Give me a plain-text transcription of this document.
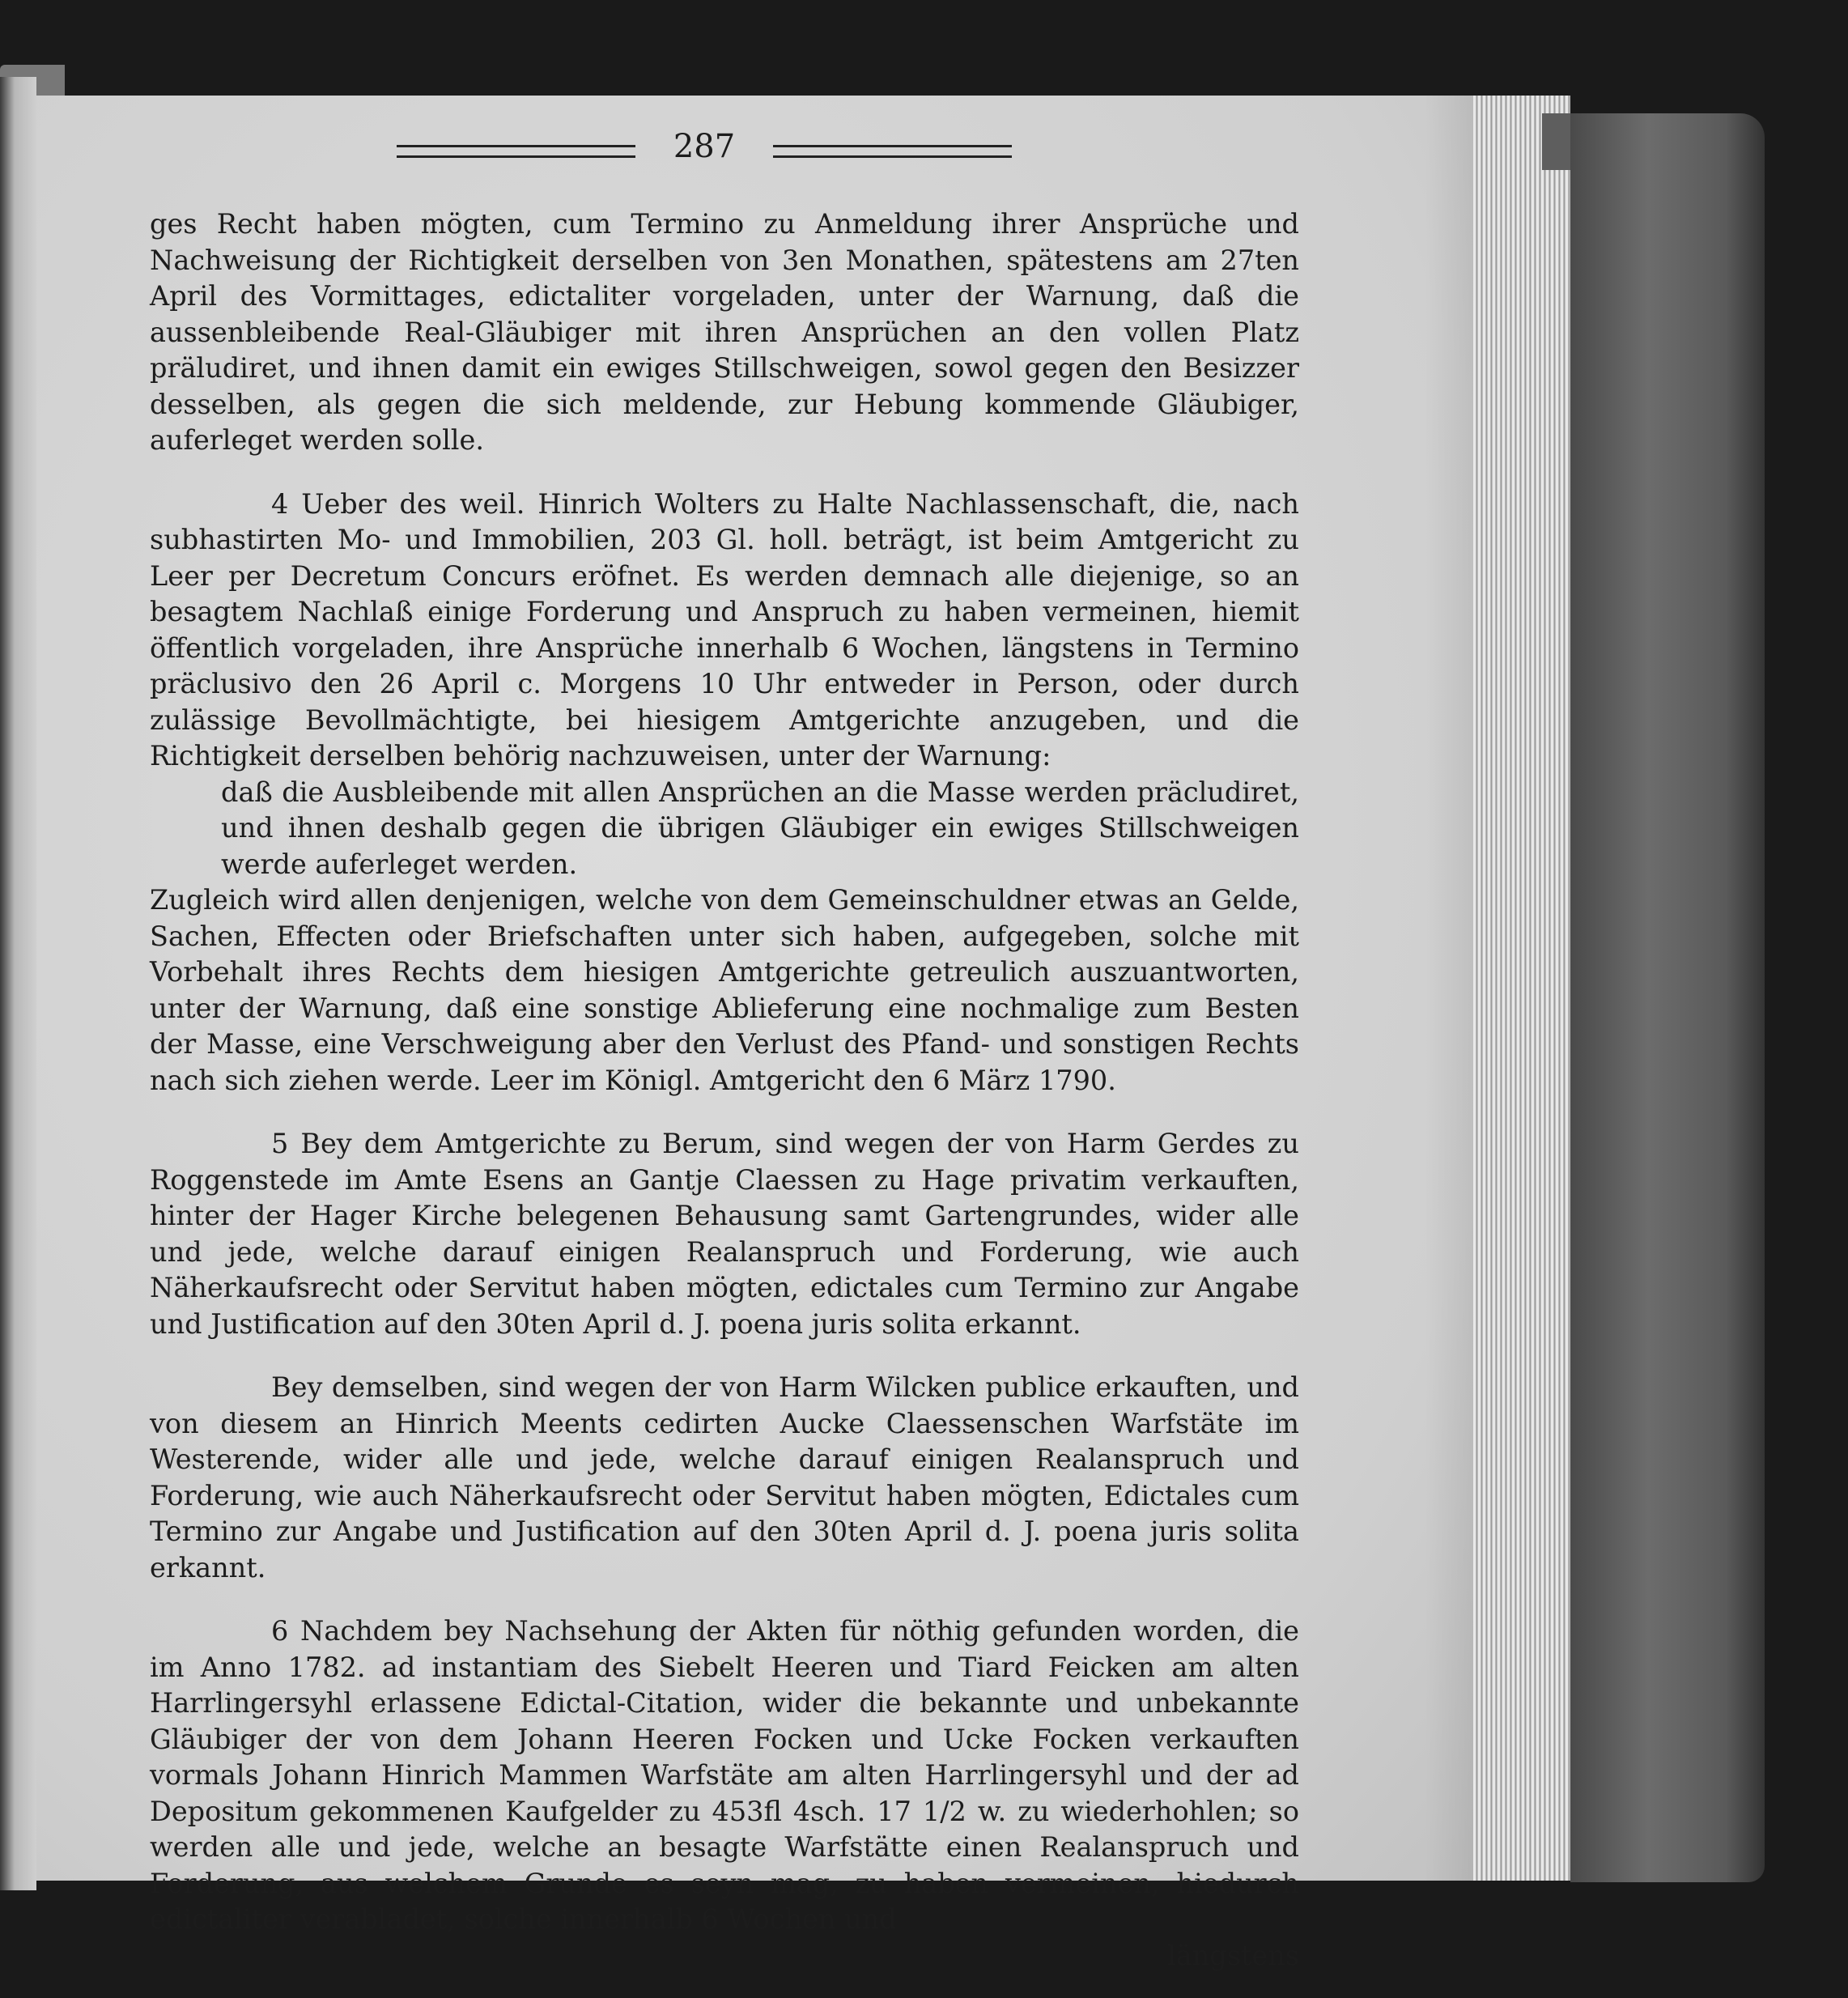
287

ges Recht haben mögten, cum Termino zu Anmeldung ihrer Ansprüche und Nachweisung der Richtigkeit derselben von 3en Monathen, spätestens am 27ten April des Vormittages, edictaliter vorgeladen, unter der Warnung, daß die aussenbleibende Real-Gläubiger mit ihren Ansprüchen an den vollen Platz präludiret, und ihnen damit ein ewiges Stillschweigen, sowol gegen den Besizzer desselben, als gegen die sich meldende, zur Hebung kommende Gläubiger, auferleget werden solle.

4 Ueber des weil. Hinrich Wolters zu Halte Nachlassenschaft, die, nach subhastirten Mo- und Immobilien, 203 Gl. holl. beträgt, ist beim Amtgericht zu Leer per Decretum Concurs eröfnet. Es werden demnach alle diejenige, so an besagtem Nachlaß einige Forderung und Anspruch zu haben vermeinen, hiemit öffentlich vorgeladen, ihre Ansprüche innerhalb 6 Wochen, längstens in Termino präclusivo den 26 April c. Morgens 10 Uhr entweder in Person, oder durch zulässige Bevollmächtigte, bei hiesigem Amtgerichte anzugeben, und die Richtigkeit derselben behörig nachzuweisen, unter der Warnung:

daß die Ausbleibende mit allen Ansprüchen an die Masse werden präcludiret, und ihnen deshalb gegen die übrigen Gläubiger ein ewiges Stillschweigen werde auferleget werden.

Zugleich wird allen denjenigen, welche von dem Gemeinschuldner etwas an Gelde, Sachen, Effecten oder Briefschaften unter sich haben, aufgegeben, solche mit Vorbehalt ihres Rechts dem hiesigen Amtgerichte getreulich auszuantworten, unter der Warnung, daß eine sonstige Ablieferung eine nochmalige zum Besten der Masse, eine Verschweigung aber den Verlust des Pfand- und sonstigen Rechts nach sich ziehen werde. Leer im Königl. Amtgericht den 6 März 1790.

5 Bey dem Amtgerichte zu Berum, sind wegen der von Harm Gerdes zu Roggenstede im Amte Esens an Gantje Claessen zu Hage privatim verkauften, hinter der Hager Kirche belegenen Behausung samt Gartengrundes, wider alle und jede, welche darauf einigen Realanspruch und Forderung, wie auch Näherkaufsrecht oder Servitut haben mögten, edictales cum Termino zur Angabe und Justification auf den 30ten April d. J. poena juris solita erkannt.

Bey demselben, sind wegen der von Harm Wilcken publice erkauften, und von diesem an Hinrich Meents cedirten Aucke Claessenschen Warfstäte im Westerende, wider alle und jede, welche darauf einigen Realanspruch und Forderung, wie auch Näherkaufsrecht oder Servitut haben mögten, Edictales cum Termino zur Angabe und Justification auf den 30ten April d. J. poena juris solita erkannt.

6 Nachdem bey Nachsehung der Akten für nöthig gefunden worden, die im Anno 1782. ad instantiam des Siebelt Heeren und Tiard Feicken am alten Harrlingersyhl erlassene Edictal-Citation, wider die bekannte und unbekannte Gläubiger der von dem Johann Heeren Focken und Ucke Focken verkauften vormals Johann Hinrich Mammen Warfstäte am alten Harrlingersyhl und der ad Depositum gekommenen Kaufgelder zu 453fl 4sch. 17 1/2 w. zu wiederhohlen; so werden alle und jede, welche an besagte Warfstätte einen Realanspruch und Forderung, aus welchem Grunde es seyn mag, zu haben vermeinen, hiedurch edictaliter verabladet, solche innerhalb 6 Wochen und

längstens
